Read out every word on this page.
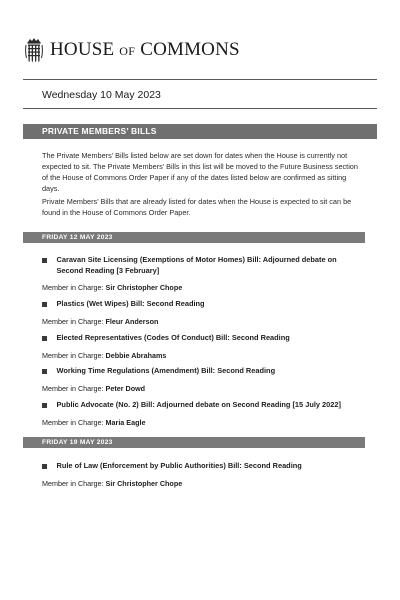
HOUSE OF COMMONS
Wednesday 10 May 2023
PRIVATE MEMBERS’ BILLS

The Private Members’ Bills listed below are set down for dates when the House is currently not expected to sit. The Private Members’ Bills in this list will be moved to the Future Business section of the House of Commons Order Paper if any of the dates listed below are confirmed as sitting days.

Private Members’ Bills that are already listed for dates when the House is expected to sit can be found in the House of Commons Order Paper.

FRIDAY 12 MAY 2023
Caravan Site Licensing (Exemptions of Motor Homes) Bill: Adjourned debate on Second Reading [3 February]
Member in Charge: Sir Christopher Chope
Plastics (Wet Wipes) Bill: Second Reading
Member in Charge: Fleur Anderson
Elected Representatives (Codes Of Conduct) Bill: Second Reading
Member in Charge: Debbie Abrahams
Working Time Regulations (Amendment) Bill: Second Reading
Member in Charge: Peter Dowd
Public Advocate (No. 2) Bill: Adjourned debate on Second Reading [15 July 2022]
Member in Charge: Maria Eagle
FRIDAY 19 MAY 2023
Rule of Law (Enforcement by Public Authorities) Bill: Second Reading
Member in Charge: Sir Christopher Chope
